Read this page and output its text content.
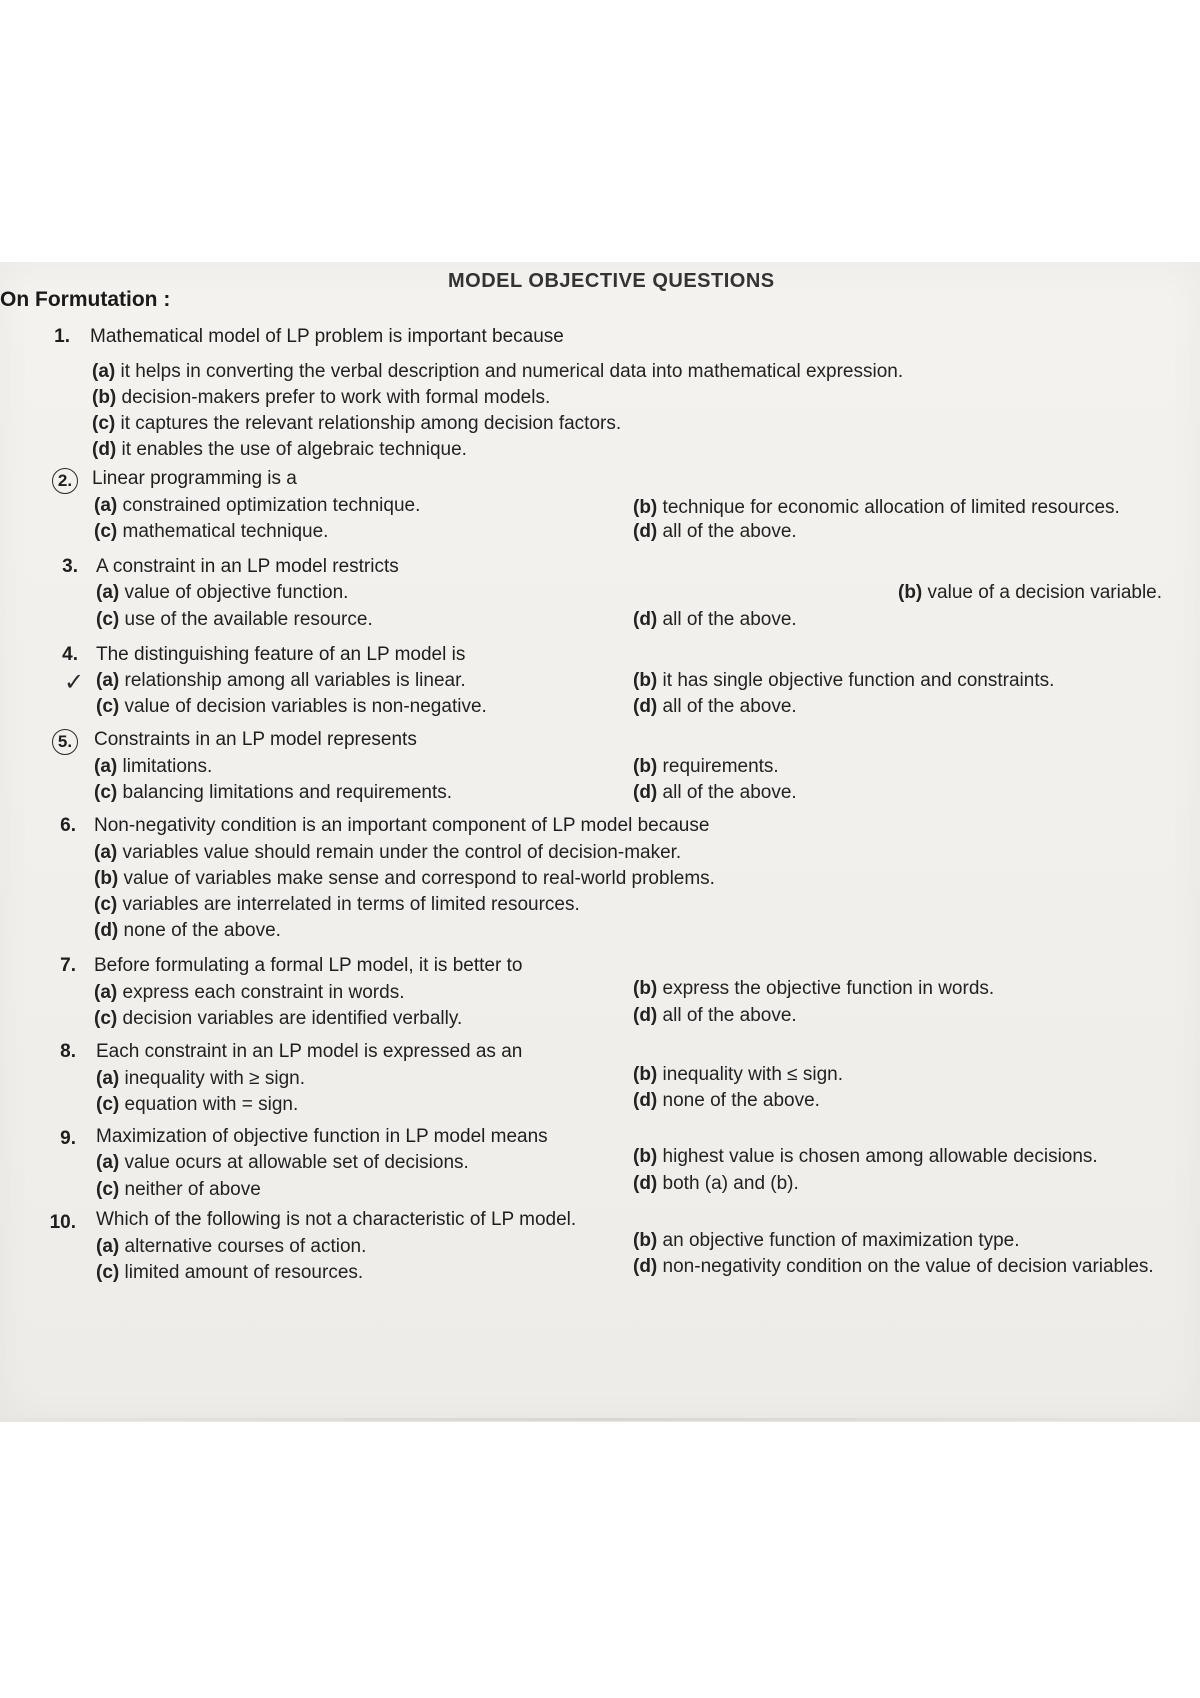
MODEL OBJECTIVE QUESTIONS
On Formutation :
1. Mathematical model of LP problem is important because
(a) it helps in converting the verbal description and numerical data into mathematical expression.
(b) decision-makers prefer to work with formal models.
(c) it captures the relevant relationship among decision factors.
(d) it enables the use of algebraic technique.
2.	Linear programming is a
(a) constrained optimization technique.	(b) technique for economic allocation of limited resources.
(c) mathematical technique.	(d) all of the above.
3. A constraint in an LP model restricts
(a) value of objective function.	(b) value of a decision variable.
(c) use of the available resource.	(d) all of the above.
4. The distinguishing feature of an LP model is
✓ (a) relationship among all variables is linear.	(b) it has single objective function and constraints.
(c) value of decision variables is non-negative.	(d) all of the above.
5.	Constraints in an LP model represents
(a) limitations.	(b) requirements.
(c) balancing limitations and requirements.	(d) all of the above.
6. Non-negativity condition is an important component of LP model because
(a) variables value should remain under the control of decision-maker.
(b) value of variables make sense and correspond to real-world problems.
(c) variables are interrelated in terms of limited resources.
(d) none of the above.
7. Before formulating a formal LP model, it is better to
(a) express each constraint in words.	(b) express the objective function in words.
(c) decision variables are identified verbally.	(d) all of the above.
8. Each constraint in an LP model is expressed as an
(a) inequality with ≥ sign.	(b) inequality with ≤ sign.
(c) equation with = sign.	(d) none of the above.
9. Maximization of objective function in LP model means
(a) value ocurs at allowable set of decisions.	(b) highest value is chosen among allowable decisions.
(c) neither of above	(d) both (a) and (b).
10. Which of the following is not a characteristic of LP model.
(a) alternative courses of action.	(b) an objective function of maximization type.
(c) limited amount of resources.	(d) non-negativity condition on the value of decision variables.
